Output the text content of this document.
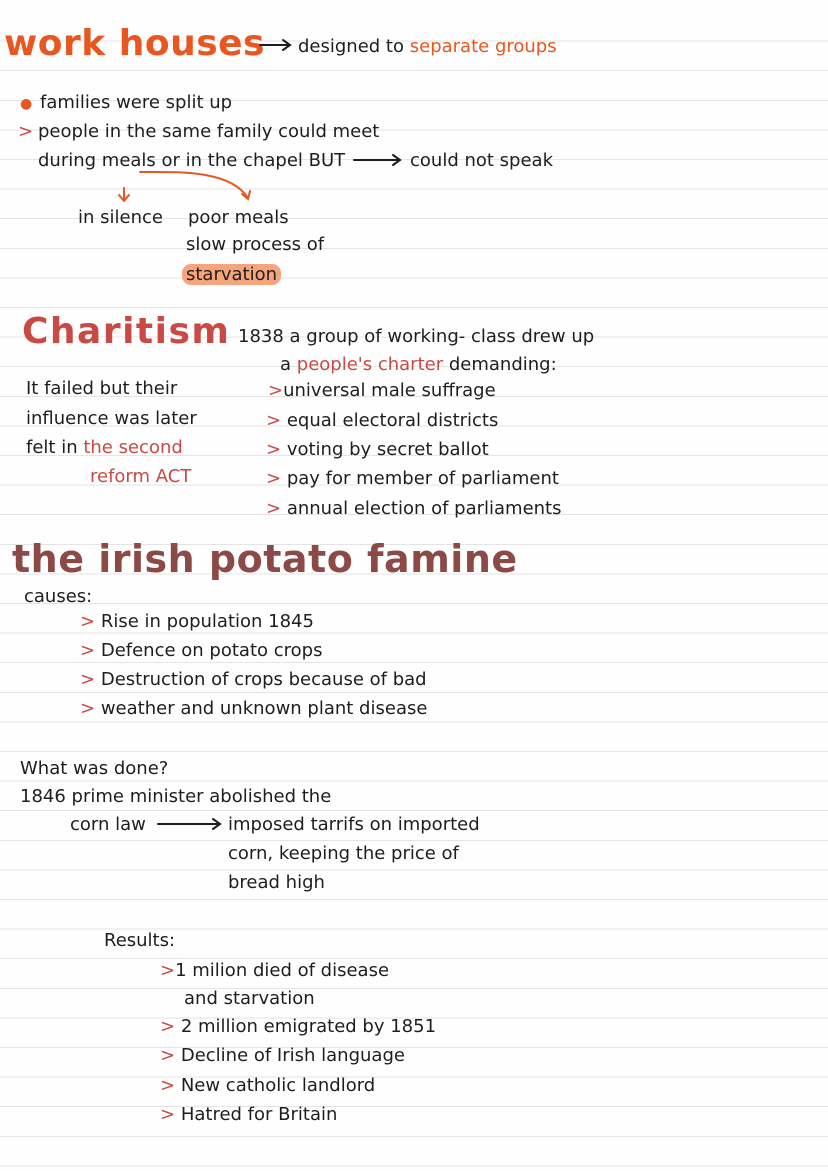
work houses designed to separate groups
● families were split up
> people in the same family could meet
during meals or in the chapel BUT	could not speak
in silence poor meals
slow process of
starvation
Charitism 1838 a group of working- class drew up
a people's charter demanding:
>universal male suffrage
> equal electoral districts
> voting by secret ballot
> pay for member of parliament
> annual election of parliaments
It failed but their
influence was later
felt in the second
reform ACT
the irish potato famine
causes:
> Rise in population 1845
> Defence on potato crops
> Destruction of crops because of bad
> weather and unknown plant disease
What was done?
1846 prime minister abolished the
corn law	imposed tarrifs on imported
corn, keeping the price of
bread high
Results:
>1 milion died of disease
and starvation
> 2 million emigrated by 1851
> Decline of Irish language
> New catholic landlord
> Hatred for Britain
